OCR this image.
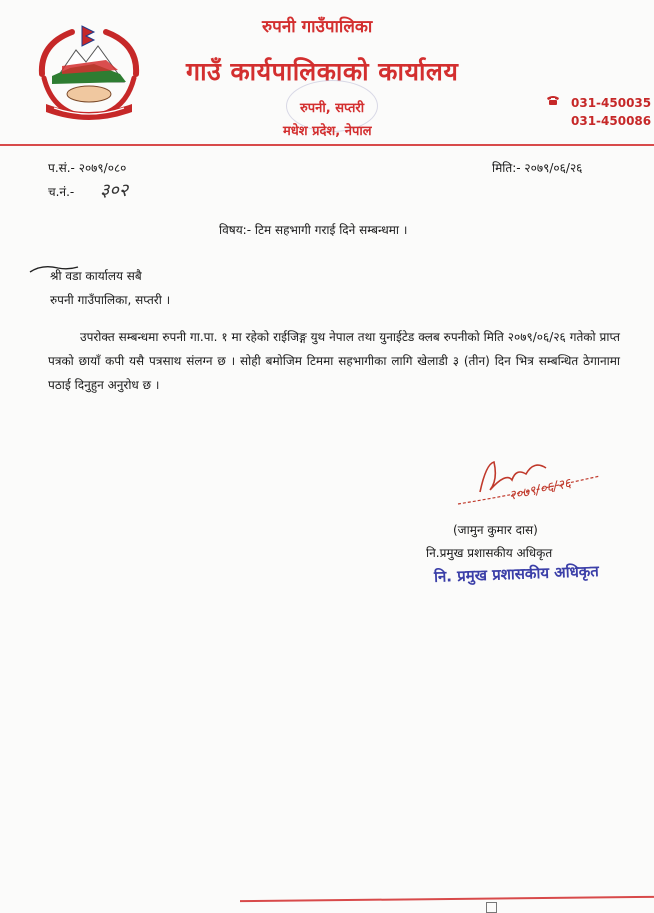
रुपनी गाउँपालिका
गाउँ कार्यपालिकाको कार्यालय
रुपनी, सप्तरी
मधेश प्रदेश, नेपाल
031-450035
031-450086
प.सं.- २०७९/०८०
च.नं.- ३०२
मिति:- २०७९/०६/२६
विषय:- टिम सहभागी गराई दिने सम्बन्धमा ।
श्री वडा कार्यालय सबै
रुपनी गाउँपालिका, सप्तरी ।
उपरोक्त सम्बन्धमा रुपनी गा.पा. १ मा रहेको राईजिङ्ग युथ नेपाल तथा युनाईटेड क्लब रुपनीको मिति २०७९/०६/२६ गतेको प्राप्त पत्रको छायाँ कपी यसै पत्रसाथ संलग्न छ । सोही बमोजिम टिममा सहभागीका लागि खेलाडी ३ (तीन) दिन भित्र सम्बन्धित ठेगानामा पठाई दिनुहुन अनुरोध छ ।
२०७९/०६/२६
(जामुन कुमार दास)
नि.प्रमुख प्रशासकीय अधिकृत
नि. प्रमुख प्रशासकीय अधिकृत
